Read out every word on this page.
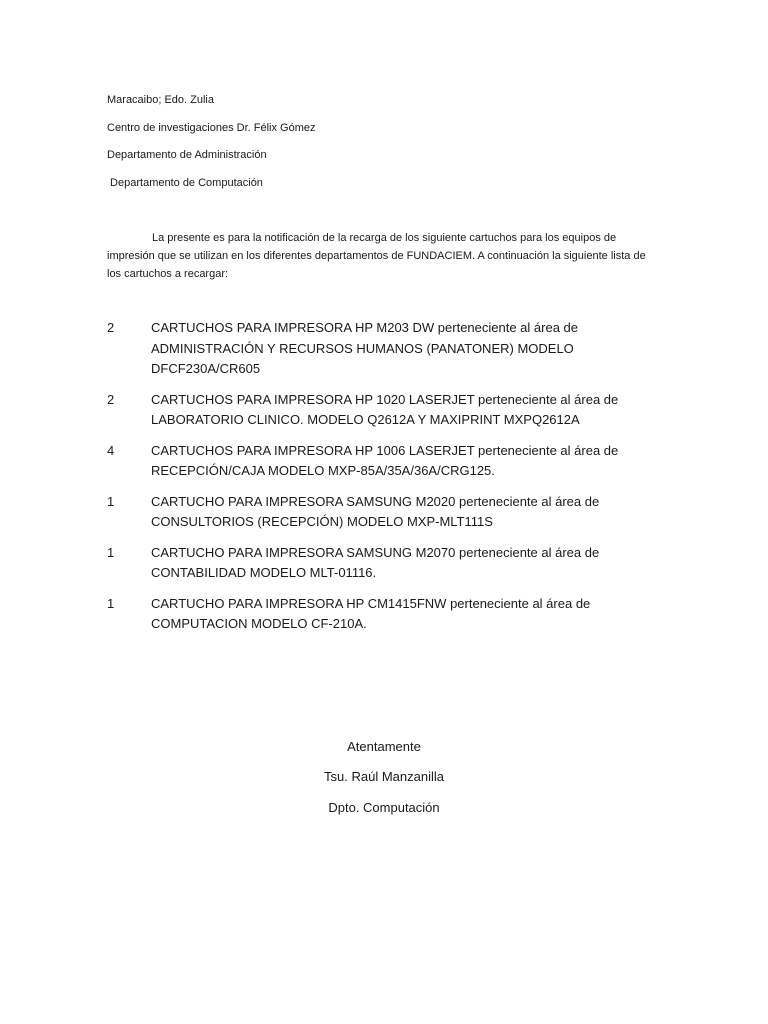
Maracaibo; Edo. Zulia
Centro de investigaciones Dr. Félix Gómez
Departamento de Administración
Departamento de Computación

La presente es para la notificación de la recarga de los siguiente cartuchos para los equipos de impresión que se utilizan en los diferentes departamentos de FUNDACIEM. A continuación la siguiente lista de los cartuchos a recargar:

2	CARTUCHOS PARA IMPRESORA HP M203 DW perteneciente al área de ADMINISTRACIÓN Y RECURSOS HUMANOS (PANATONER) MODELO DFCF230A/CR605
2	CARTUCHOS PARA IMPRESORA HP 1020 LASERJET perteneciente al área de LABORATORIO CLINICO. MODELO Q2612A Y MAXIPRINT MXPQ2612A
4	CARTUCHOS PARA IMPRESORA HP 1006 LASERJET perteneciente al área de RECEPCIÓN/CAJA MODELO MXP-85A/35A/36A/CRG125.
1	CARTUCHO PARA IMPRESORA SAMSUNG M2020 perteneciente al área de CONSULTORIOS (RECEPCIÓN) MODELO MXP-MLT111S
1	CARTUCHO PARA IMPRESORA SAMSUNG M2070 perteneciente al área de CONTABILIDAD MODELO MLT-01116.
1	CARTUCHO PARA IMPRESORA HP CM1415FNW perteneciente al área de COMPUTACION MODELO CF-210A.
Atentamente
Tsu. Raúl Manzanilla
Dpto. Computación
